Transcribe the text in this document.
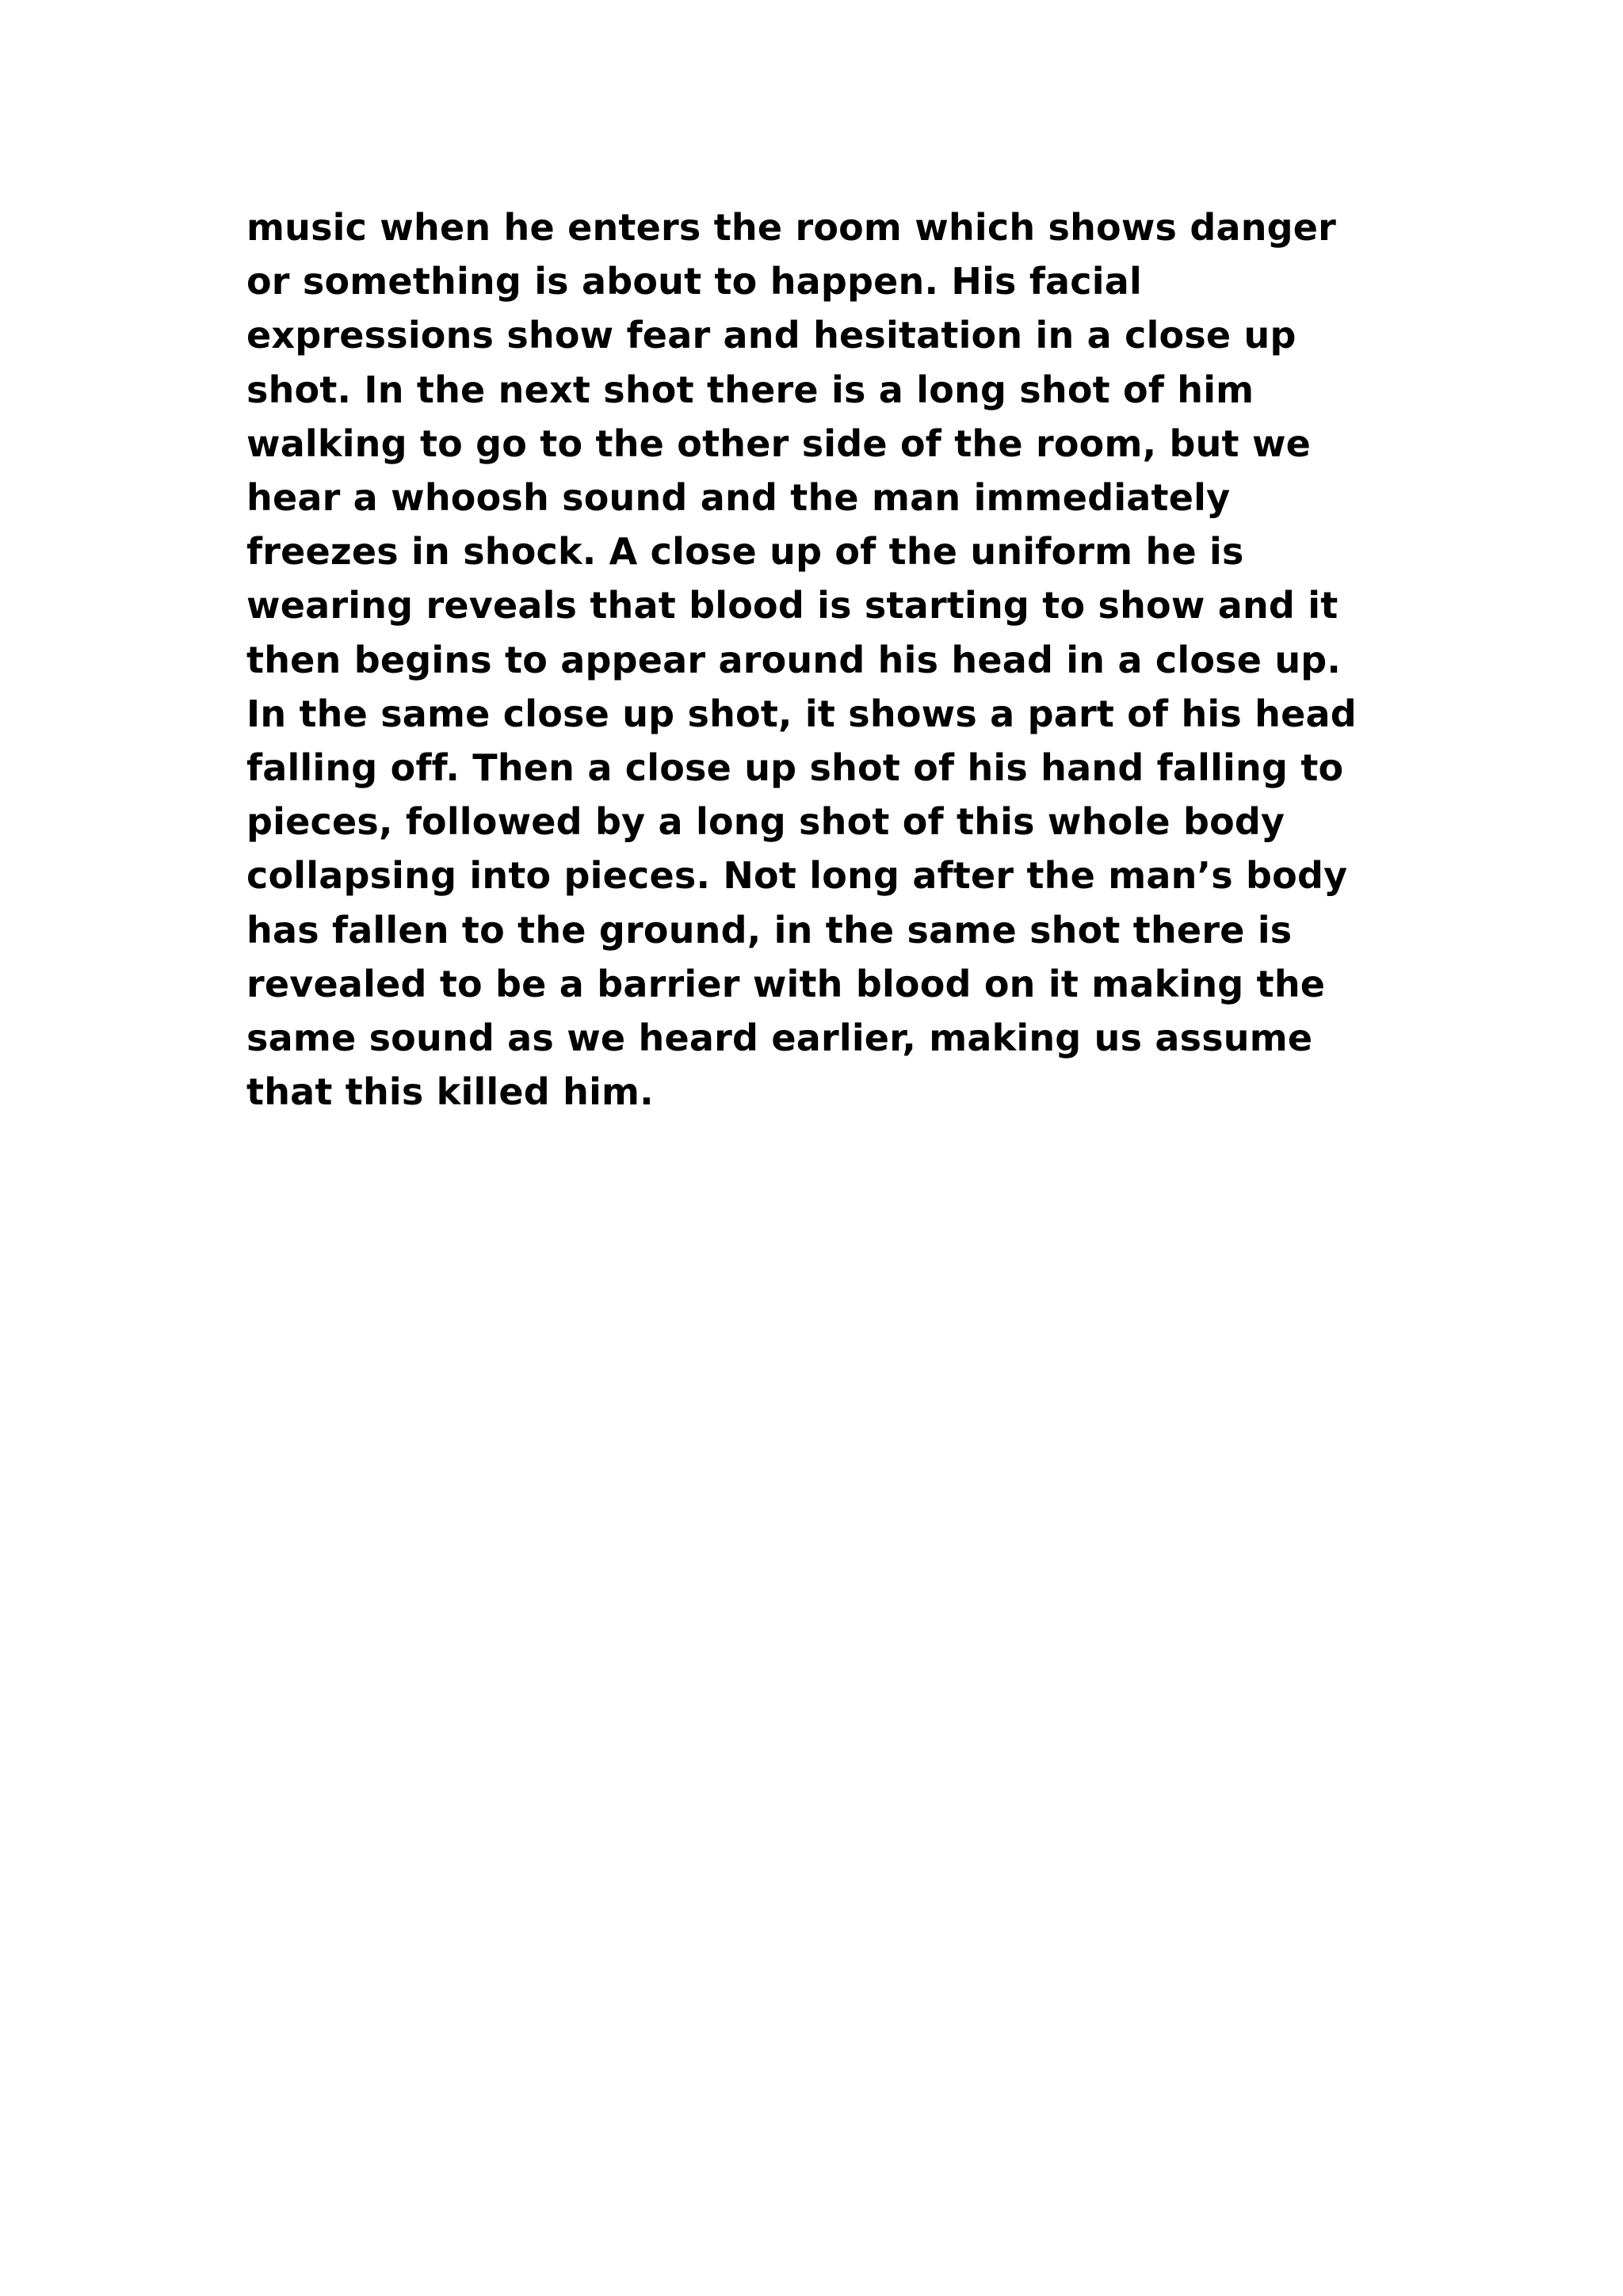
music when he enters the room which shows danger
or something is about to happen. His facial
expressions show fear and hesitation in a close up
shot. In the next shot there is a long shot of him
walking to go to the other side of the room, but we
hear a whoosh sound and the man immediately
freezes in shock. A close up of the uniform he is
wearing reveals that blood is starting to show and it
then begins to appear around his head in a close up.
In the same close up shot, it shows a part of his head
falling off. Then a close up shot of his hand falling to
pieces, followed by a long shot of this whole body
collapsing into pieces. Not long after the man’s body
has fallen to the ground, in the same shot there is
revealed to be a barrier with blood on it making the
same sound as we heard earlier, making us assume
that this killed him.
